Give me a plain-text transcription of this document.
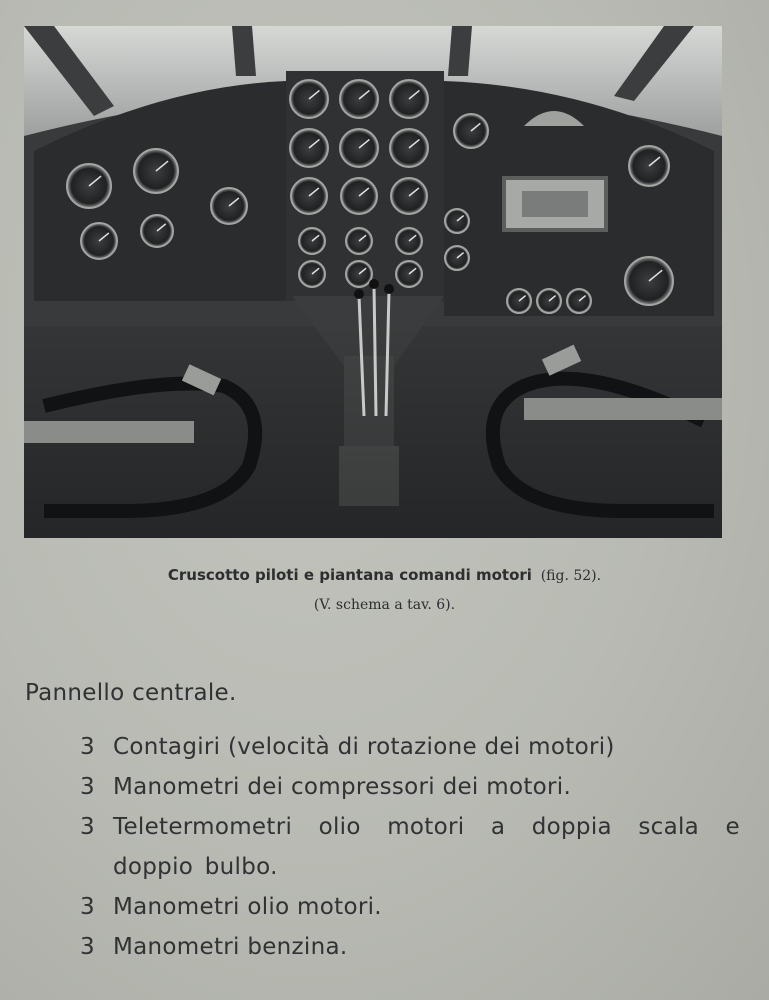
Cruscotto piloti e piantana comandi motori (fig. 52).
(V. schema a tav. 6).
Pannello centrale.
3 Contagiri (velocità di rotazione dei motori)
3 Manometri dei compressori dei motori.
3 Teletermometri olio motori a doppia scala e doppio bulbo.
3 Manometri olio motori.
3 Manometri benzina.
